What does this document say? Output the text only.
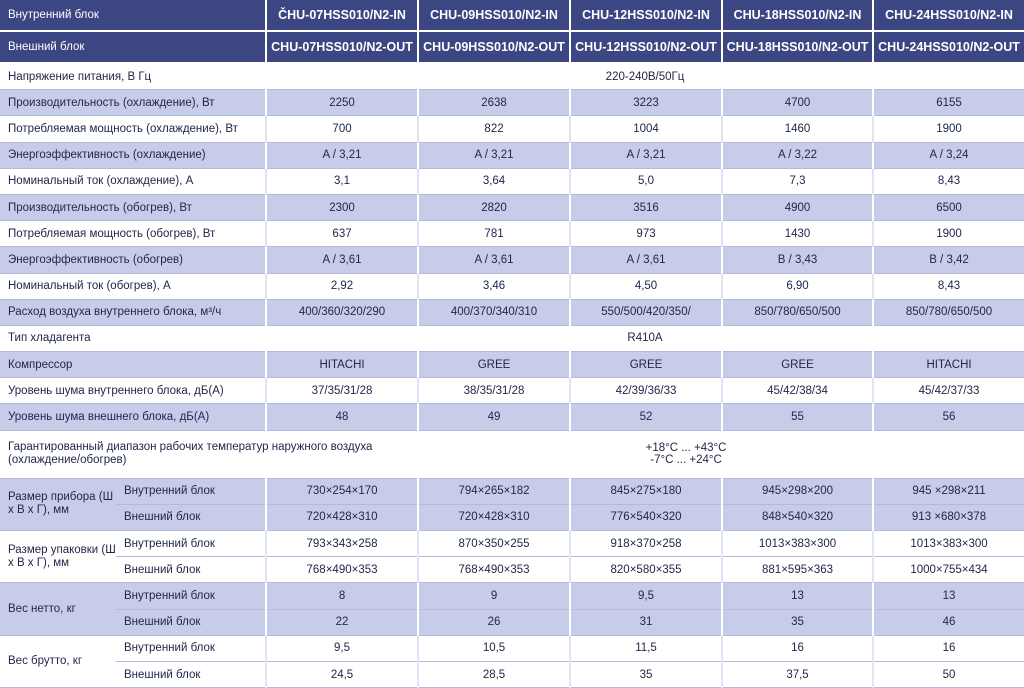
Внутренний блок		ČHU-07HSS010/N2-IN	CHU-09HSS010/N2-IN	CHU-12HSS010/N2-IN	CHU-18HSS010/N2-IN	CHU-24HSS010/N2-IN
Внешний блок		CHU-07HSS010/N2-OUT	CHU-09HSS010/N2-OUT	CHU-12HSS010/N2-OUT	CHU-18HSS010/N2-OUT	CHU-24HSS010/N2-OUT
Напряжение питания, В Гц		220-240В/50Гц				
Производительность (охлаждение), Вт		2250	2638	3223	4700	6155
Потребляемая мощность (охлаждение), Вт		700	822	1004	1460	1900
Энергоэффективность (охлаждение)		A / 3,21	A / 3,21	A / 3,21	A / 3,22	A / 3,24
Номинальный ток (охлаждение), А		3,1	3,64	5,0	7,3	8,43
Производительность (обогрев), Вт		2300	2820	3516	4900	6500
Потребляемая мощность (обогрев), Вт		637	781	973	1430	1900
Энергоэффективность (обогрев)		A / 3,61	A / 3,61	A / 3,61	B / 3,43	B / 3,42
Номинальный ток (обогрев), А		2,92	3,46	4,50	6,90	8,43
Расход воздуха внутреннего блока, м³/ч		400/360/320/290	400/370/340/310	550/500/420/350/	850/780/650/500	850/780/650/500
Тип хладагента		R410A				
Компрессор		HITACHI	GREE	GREE	GREE	HITACHI
Уровень шума внутреннего блока, дБ(А)		37/35/31/28	38/35/31/28	42/39/36/33	45/42/38/34	45/42/37/33
Уровень шума внешнего блока, дБ(А)		48	49	52	55	56
Гарантированный диапазон рабочих температур наружного воздуха (охлаждение/обогрев)			+18°C ... +43°C
-7°C ... +24°C			

Размер прибора (Ш х В х Г), мм	Внутренний блок	730×254×170	794×265×182	845×275×180	945×298×200	945 ×298×211
	Внешний блок	720×428×310	720×428×310	776×540×320	848×540×320	913 ×680×378
Размер упаковки (Ш х В х Г), мм	Внутренний блок	793×343×258	870×350×255	918×370×258	1013×383×300	1013×383×300
	Внешний блок	768×490×353	768×490×353	820×580×355	881×595×363	1000×755×434
Вес нетто, кг	Внутренний блок	8	9	9,5	13	13
	Внешний блок	22	26	31	35	46
Вес брутто, кг	Внутренний блок	9,5	10,5	11,5	16	16
	Внешний блок	24,5	28,5	35	37,5	50
